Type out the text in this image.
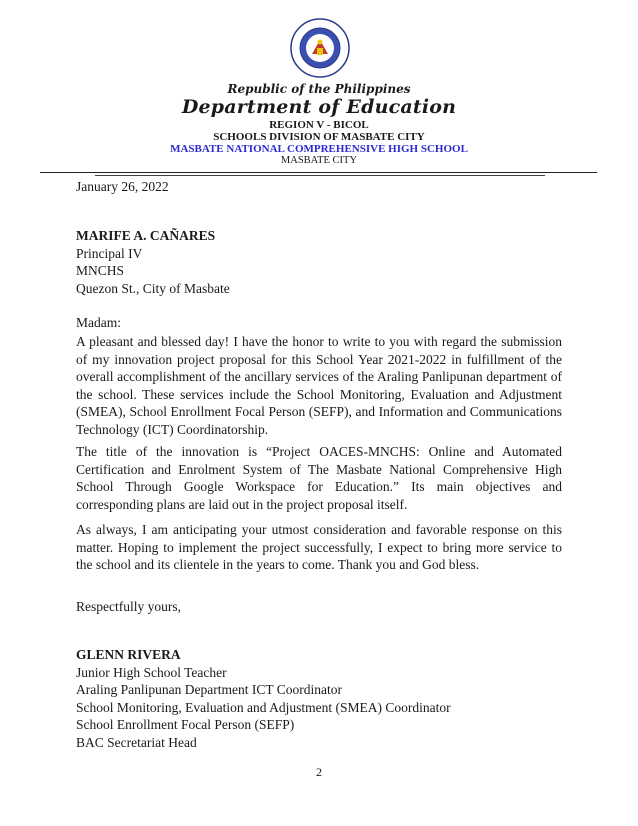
Republic of the Philippines
Department of Education
REGION V - BICOL
SCHOOLS DIVISION OF MASBATE CITY
MASBATE NATIONAL COMPREHENSIVE HIGH SCHOOL
MASBATE CITY
January 26, 2022
MARIFE A. CAÑARES
Principal IV
MNCHS
Quezon St., City of Masbate
Madam:
A pleasant and blessed day! I have the honor to write to you with regard the submission of my innovation project proposal for this School Year 2021-2022 in fulfillment of the overall accomplishment of the ancillary services of the Araling Panlipunan department of the school. These services include the School Monitoring, Evaluation and Adjustment (SMEA), School Enrollment Focal Person (SEFP), and Information and Communications Technology (ICT) Coordinatorship.
The title of the innovation is “Project OACES-MNCHS: Online and Automated Certification and Enrolment System of The Masbate National Comprehensive High School Through Google Workspace for Education.” Its main objectives and corresponding plans are laid out in the project proposal itself.
As always, I am anticipating your utmost consideration and favorable response on this matter. Hoping to implement the project successfully, I expect to bring more service to the school and its clientele in the years to come. Thank you and God bless.
Respectfully yours,
GLENN RIVERA
Junior High School Teacher
Araling Panlipunan Department ICT Coordinator
School Monitoring, Evaluation and Adjustment (SMEA) Coordinator
School Enrollment Focal Person (SEFP)
BAC Secretariat Head
2
